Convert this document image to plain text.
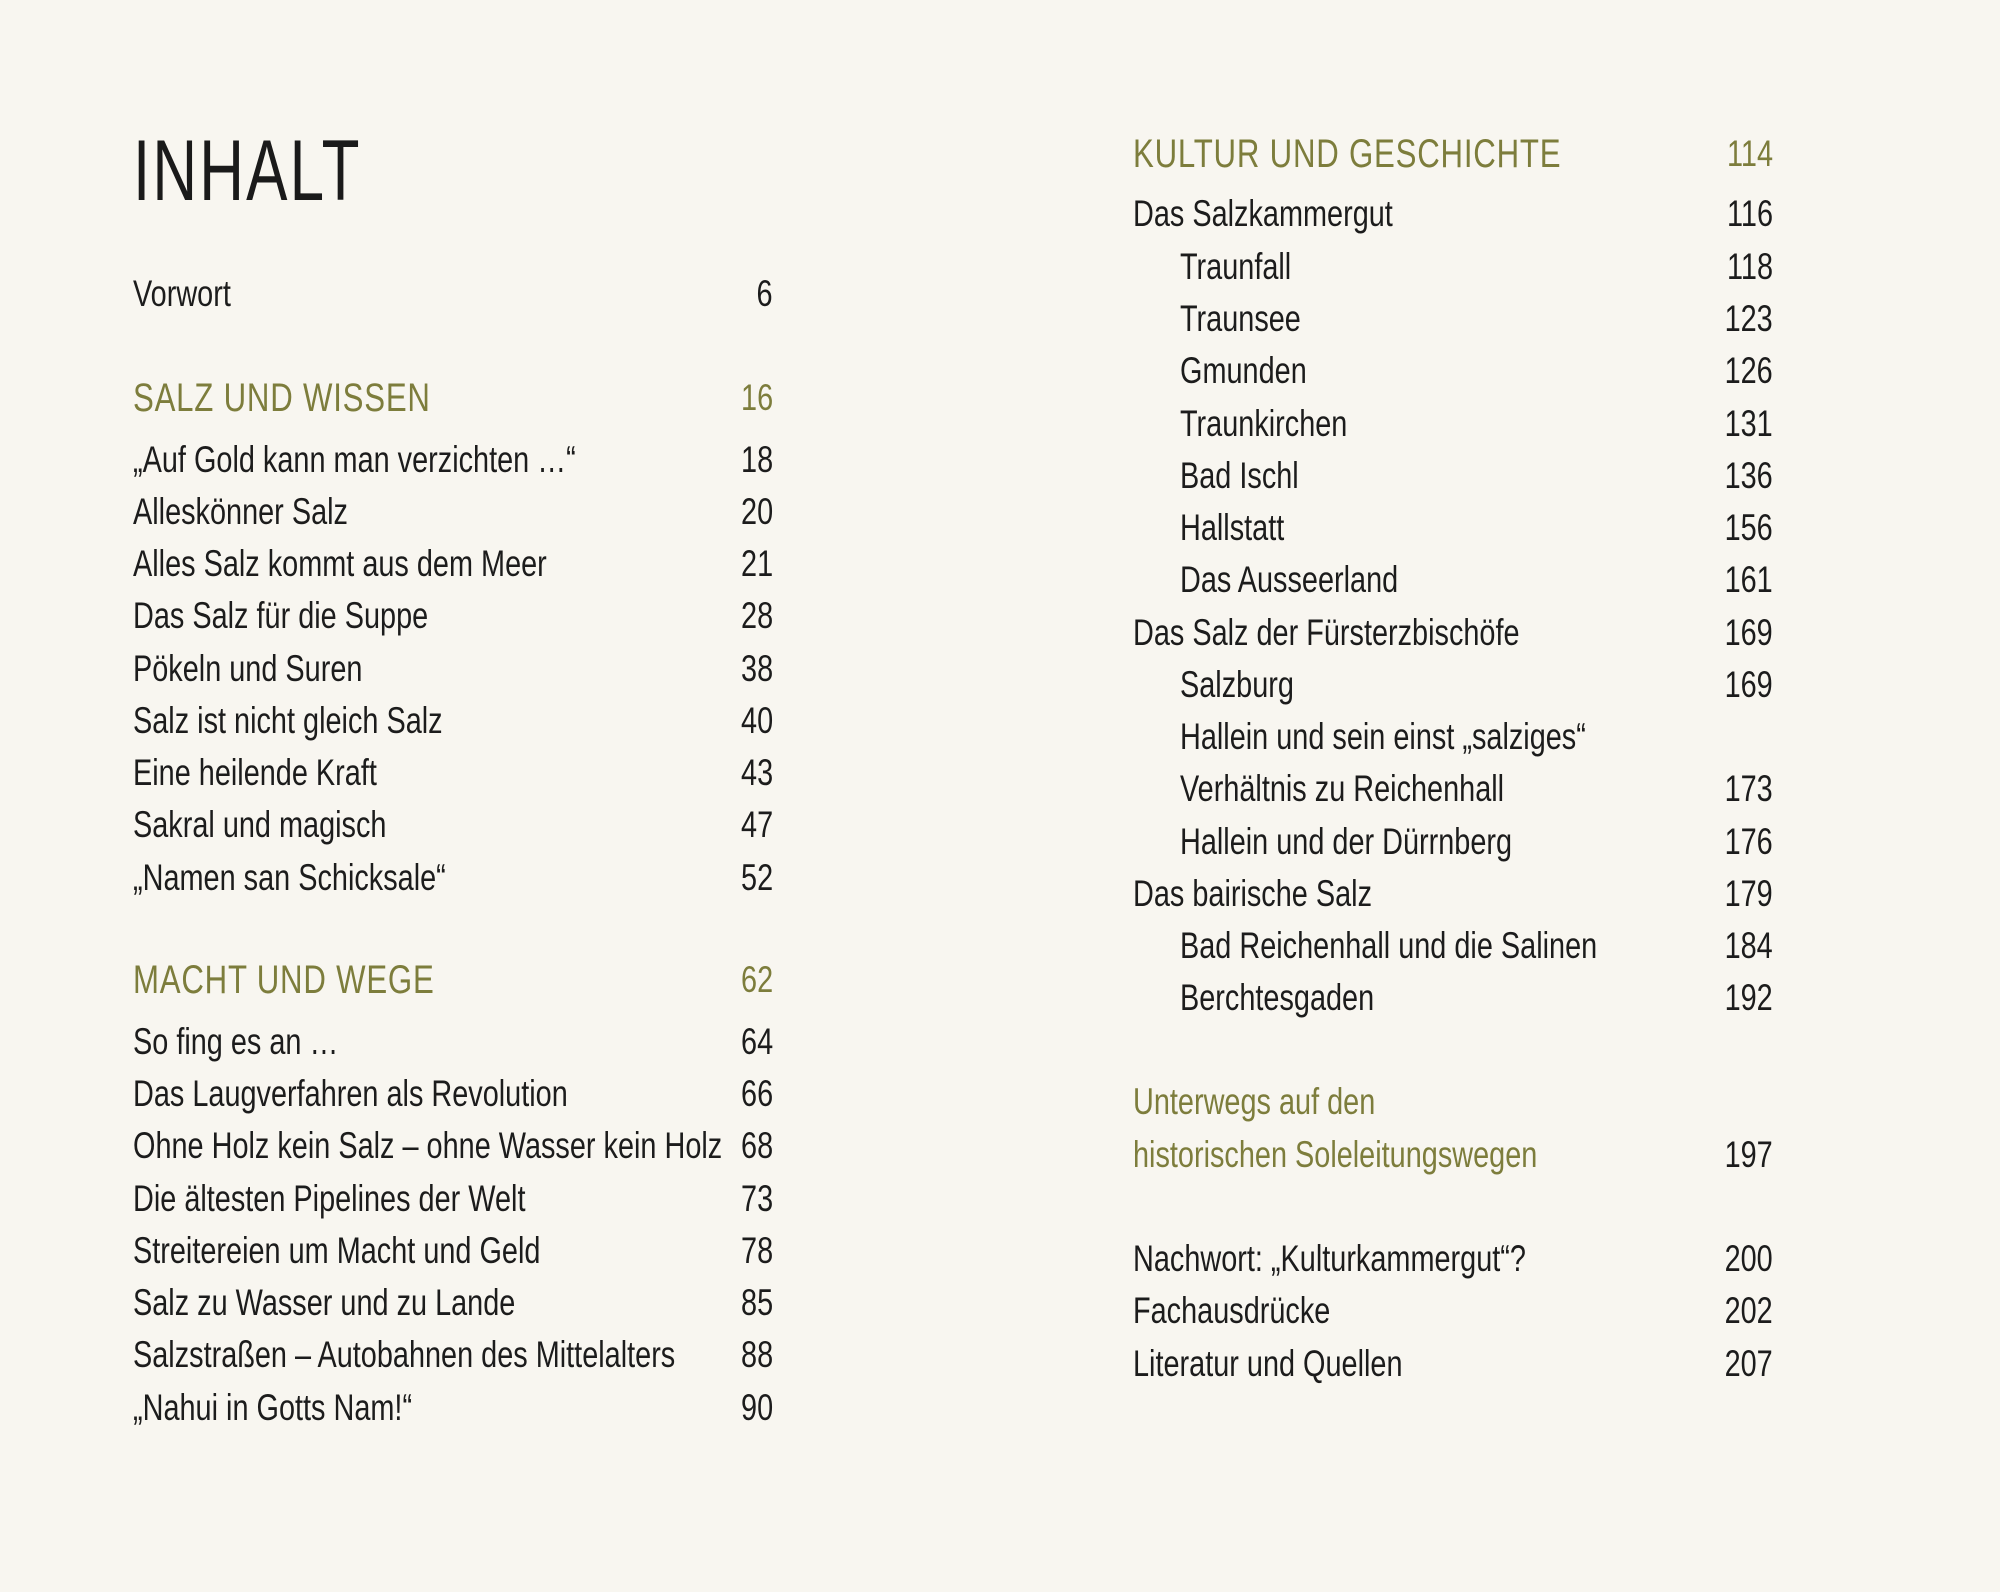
INHALT
Vorwort	6
SALZ UND WISSEN	16
„Auf Gold kann man verzichten …“	18
Alleskönner Salz	20
Alles Salz kommt aus dem Meer	21
Das Salz für die Suppe	28
Pökeln und Suren	38
Salz ist nicht gleich Salz	40
Eine heilende Kraft	43
Sakral und magisch	47
„Namen san Schicksale“	52
MACHT UND WEGE	62
So fing es an …	64
Das Laugverfahren als Revolution	66
Ohne Holz kein Salz – ohne Wasser kein Holz 68
Die ältesten Pipelines der Welt	73
Streitereien um Macht und Geld	78
Salz zu Wasser und zu Lande	85
Salzstraßen – Autobahnen des Mittelalters 88
„Nahui in Gotts Nam!“	90
KULTUR UND GESCHICHTE	114
Das Salzkammergut	116
Traunfall	118
Traunsee	123
Gmunden	126
Traunkirchen	131
Bad Ischl	136
Hallstatt	156
Das Ausseerland	161
Das Salz der Fürsterzbischöfe	169
Salzburg	169
Hallein und sein einst „salziges“
Verhältnis zu Reichenhall	173
Hallein und der Dürrnberg	176
Das bairische Salz	179
Bad Reichenhall und die Salinen	184
Berchtesgaden	192
Unterwegs auf den
historischen Soleleitungswegen	197
Nachwort: „Kulturkammergut“?	200
Fachausdrücke	202
Literatur und Quellen	207
